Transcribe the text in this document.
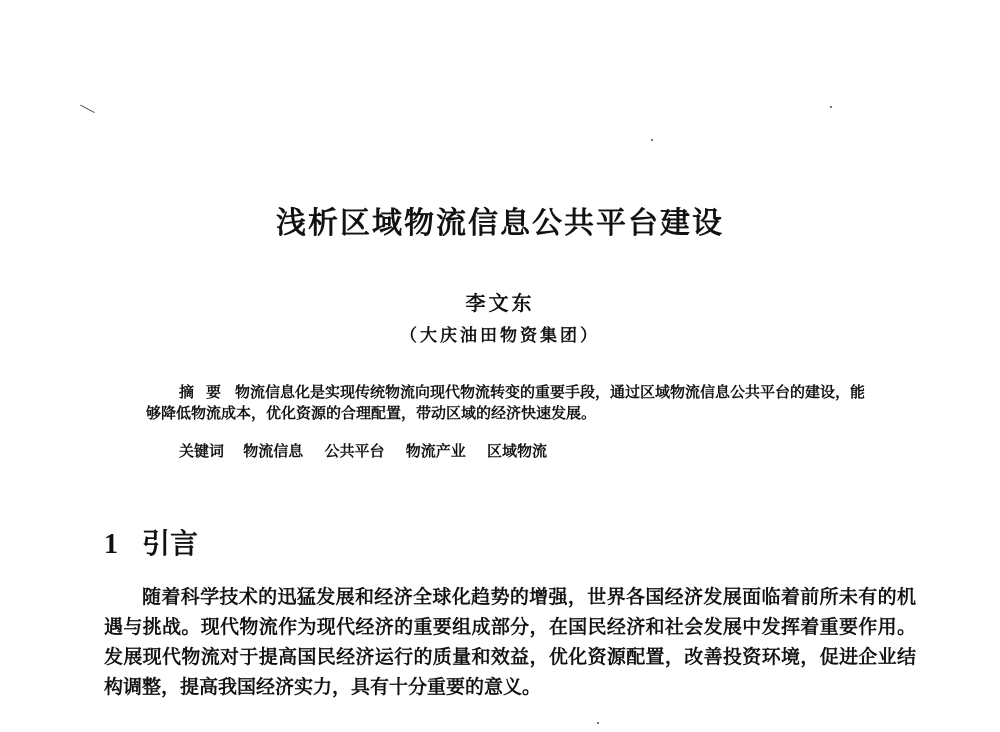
浅析区域物流信息公共平台建设
李文东
（大庆油田物资集团）
摘要 物流信息化是实现传统物流向现代物流转变的重要手段，通过区域物流信息公共平台的建设，能够降低物流成本，优化资源的合理配置，带动区域的经济快速发展。
关键词 物流信息 公共平台 物流产业 区域物流
1 引言

随着科学技术的迅猛发展和经济全球化趋势的增强，世界各国经济发展面临着前所未有的机遇与挑战。现代物流作为现代经济的重要组成部分，在国民经济和社会发展中发挥着重要作用。发展现代物流对于提高国民经济运行的质量和效益，优化资源配置，改善投资环境，促进企业结构调整，提高我国经济实力，具有十分重要的意义。
